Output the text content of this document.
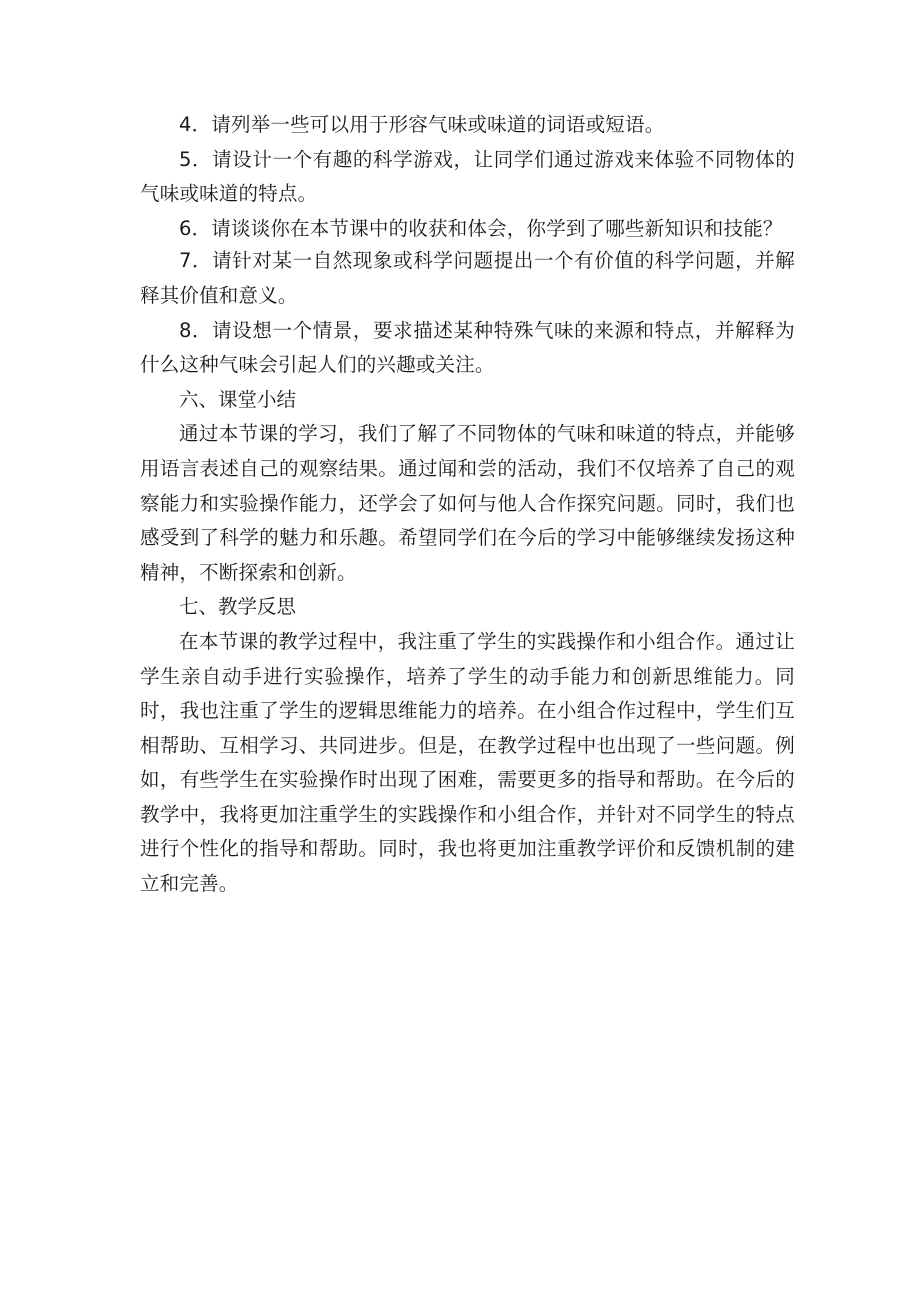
4．请列举一些可以用于形容气味或味道的词语或短语。

5．请设计一个有趣的科学游戏，让同学们通过游戏来体验不同物体的气味或味道的特点。

6．请谈谈你在本节课中的收获和体会，你学到了哪些新知识和技能？

7．请针对某一自然现象或科学问题提出一个有价值的科学问题，并解释其价值和意义。

8．请设想一个情景，要求描述某种特殊气味的来源和特点，并解释为什么这种气味会引起人们的兴趣或关注。

六、课堂小结

通过本节课的学习，我们了解了不同物体的气味和味道的特点，并能够用语言表述自己的观察结果。通过闻和尝的活动，我们不仅培养了自己的观察能力和实验操作能力，还学会了如何与他人合作探究问题。同时，我们也感受到了科学的魅力和乐趣。希望同学们在今后的学习中能够继续发扬这种精神，不断探索和创新。

七、教学反思

在本节课的教学过程中，我注重了学生的实践操作和小组合作。通过让学生亲自动手进行实验操作，培养了学生的动手能力和创新思维能力。同时，我也注重了学生的逻辑思维能力的培养。在小组合作过程中，学生们互相帮助、互相学习、共同进步。但是，在教学过程中也出现了一些问题。例如，有些学生在实验操作时出现了困难，需要更多的指导和帮助。在今后的教学中，我将更加注重学生的实践操作和小组合作，并针对不同学生的特点进行个性化的指导和帮助。同时，我也将更加注重教学评价和反馈机制的建立和完善。
